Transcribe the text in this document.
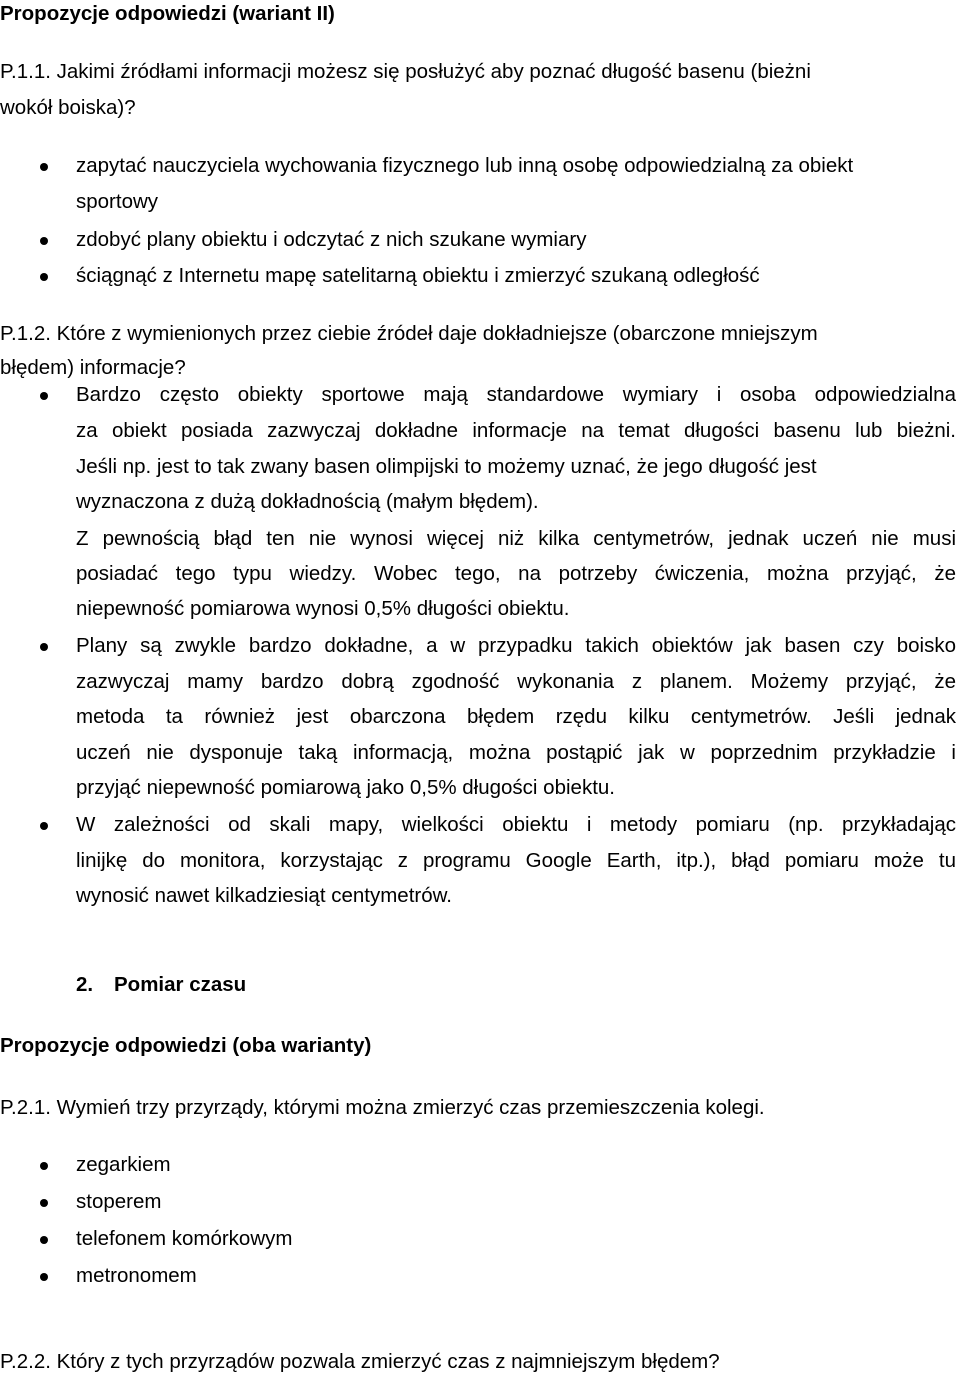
Propozycje odpowiedzi (wariant II)
P.1.1. Jakimi źródłami informacji możesz się posłużyć aby poznać długość basenu (bieżni
wokół boiska)?
zapytać nauczyciela wychowania fizycznego lub inną osobę odpowiedzialną za obiekt
sportowy
zdobyć plany obiektu i odczytać z nich szukane wymiary
ściągnąć z Internetu mapę satelitarną obiektu i zmierzyć szukaną odległość
P.1.2. Które z wymienionych przez ciebie źródeł daje dokładniejsze (obarczone mniejszym
błędem) informacje?
Bardzo często obiekty sportowe mają standardowe wymiary i osoba odpowiedzialna
za obiekt posiada zazwyczaj dokładne informacje na temat długości basenu lub bieżni.
Jeśli np. jest to tak zwany basen olimpijski to możemy uznać, że jego długość jest
wyznaczona z dużą dokładnością (małym błędem).
Z pewnością błąd ten nie wynosi więcej niż kilka centymetrów, jednak uczeń nie musi
posiadać tego typu wiedzy. Wobec tego, na potrzeby ćwiczenia, można przyjąć, że
niepewność pomiarowa wynosi 0,5% długości obiektu.
Plany są zwykle bardzo dokładne, a w przypadku takich obiektów jak basen czy boisko
zazwyczaj mamy bardzo dobrą zgodność wykonania z planem. Możemy przyjąć, że
metoda ta również jest obarczona błędem rzędu kilku centymetrów. Jeśli jednak
uczeń nie dysponuje taką informacją, można postąpić jak w poprzednim przykładzie i
przyjąć niepewność pomiarową jako 0,5% długości obiektu.
W zależności od skali mapy, wielkości obiektu i metody pomiaru (np. przykładając
linijkę do monitora, korzystając z programu Google Earth, itp.), błąd pomiaru może tu
wynosić nawet kilkadziesiąt centymetrów.
2. Pomiar czasu
Propozycje odpowiedzi (oba warianty)
P.2.1. Wymień trzy przyrządy, którymi można zmierzyć czas przemieszczenia kolegi.
zegarkiem
stoperem
telefonem komórkowym
metronomem
P.2.2. Który z tych przyrządów pozwala zmierzyć czas z najmniejszym błędem?
